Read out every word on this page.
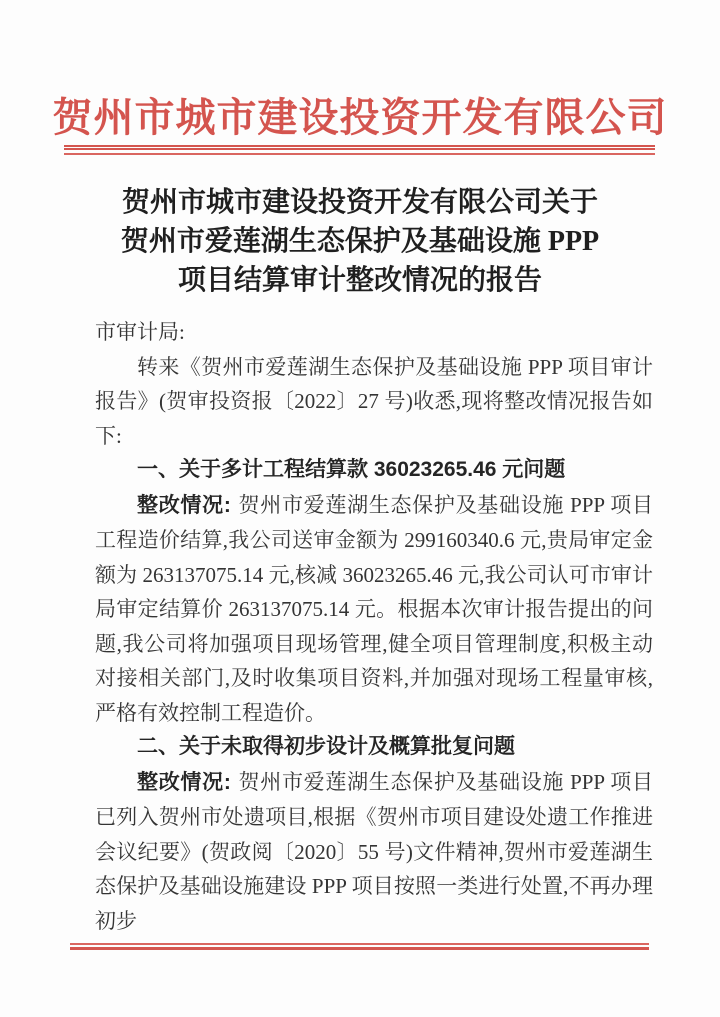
贺州市城市建设投资开发有限公司
贺州市城市建设投资开发有限公司关于
贺州市爱莲湖生态保护及基础设施 PPP
项目结算审计整改情况的报告

市审计局:

转来《贺州市爱莲湖生态保护及基础设施 PPP 项目审计报告》(贺审投资报〔2022〕27 号)收悉,现将整改情况报告如下:

一、关于多计工程结算款 36023265.46 元问题

整改情况: 贺州市爱莲湖生态保护及基础设施 PPP 项目工程造价结算,我公司送审金额为 299160340.6 元,贵局审定金额为 263137075.14 元,核减 36023265.46 元,我公司认可市审计局审定结算价 263137075.14 元。根据本次审计报告提出的问题,我公司将加强项目现场管理,健全项目管理制度,积极主动对接相关部门,及时收集项目资料,并加强对现场工程量审核,严格有效控制工程造价。

二、关于未取得初步设计及概算批复问题

整改情况: 贺州市爱莲湖生态保护及基础设施 PPP 项目已列入贺州市处遗项目,根据《贺州市项目建设处遗工作推进会议纪要》(贺政阅〔2020〕55 号)文件精神,贺州市爱莲湖生态保护及基础设施建设 PPP 项目按照一类进行处置,不再办理初步
